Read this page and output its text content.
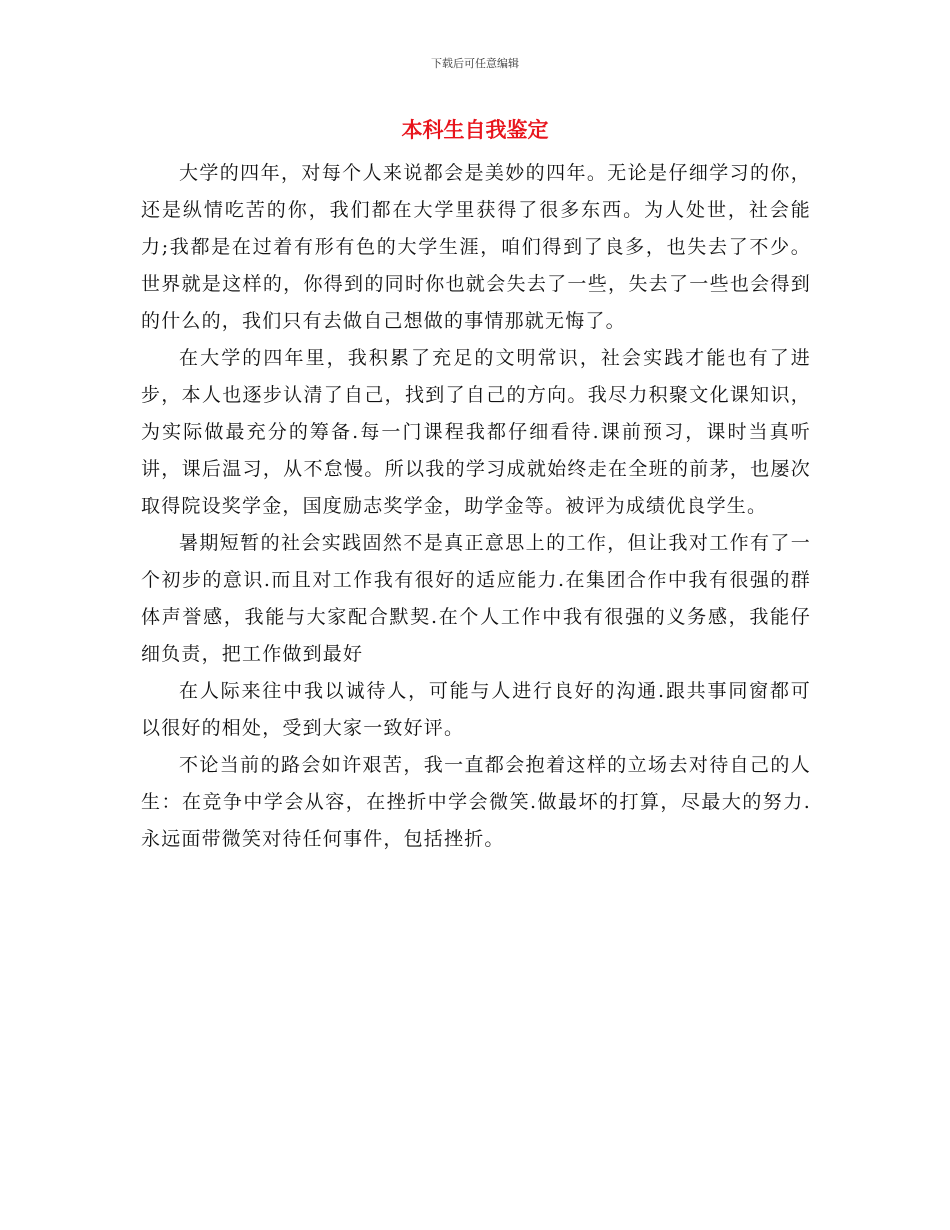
下载后可任意编辑
本科生自我鉴定

大学的四年，对每个人来说都会是美妙的四年。无论是仔细学习的你，还是纵情吃苦的你，我们都在大学里获得了很多东西。为人处世，社会能力;我都是在过着有形有色的大学生涯，咱们得到了良多，也失去了不少。世界就是这样的，你得到的同时你也就会失去了一些，失去了一些也会得到的什么的，我们只有去做自己想做的事情那就无悔了。

在大学的四年里，我积累了充足的文明常识，社会实践才能也有了进步，本人也逐步认清了自己，找到了自己的方向。我尽力积聚文化课知识，为实际做最充分的筹备.每一门课程我都仔细看待.课前预习，课时当真听讲，课后温习，从不怠慢。所以我的学习成就始终走在全班的前茅，也屡次取得院设奖学金，国度励志奖学金，助学金等。被评为成绩优良学生。

暑期短暂的社会实践固然不是真正意思上的工作，但让我对工作有了一个初步的意识.而且对工作我有很好的适应能力.在集团合作中我有很强的群体声誉感，我能与大家配合默契.在个人工作中我有很强的义务感，我能仔细负责，把工作做到最好

在人际来往中我以诚待人，可能与人进行良好的沟通.跟共事同窗都可以很好的相处，受到大家一致好评。

不论当前的路会如许艰苦，我一直都会抱着这样的立场去对待自己的人生：在竞争中学会从容，在挫折中学会微笑.做最坏的打算，尽最大的努力.永远面带微笑对待任何事件，包括挫折。
